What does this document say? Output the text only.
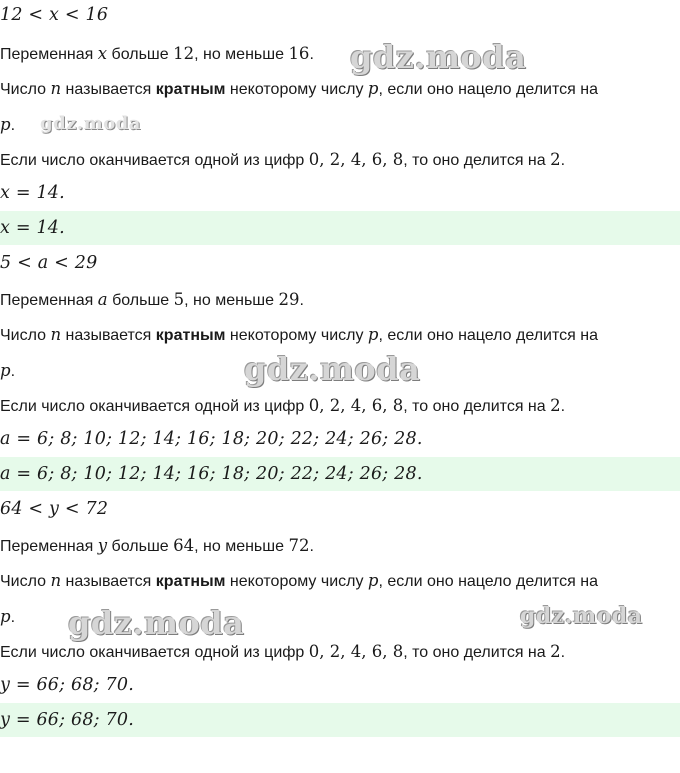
12 < x < 16
Переменная x больше 12, но меньше 16.
Число n называется кратным некоторому числу p, если оно нацело делится на
p.
Если число оканчивается одной из цифр 0, 2, 4, 6, 8, то оно делится на 2.
x = 14.
x = 14.
5 < a < 29
Переменная a больше 5, но меньше 29.
Число n называется кратным некоторому числу p, если оно нацело делится на
p.
Если число оканчивается одной из цифр 0, 2, 4, 6, 8, то оно делится на 2.
a = 6; 8; 10; 12; 14; 16; 18; 20; 22; 24; 26; 28.
a = 6; 8; 10; 12; 14; 16; 18; 20; 22; 24; 26; 28.
64 < y < 72
Переменная y больше 64, но меньше 72.
Число n называется кратным некоторому числу p, если оно нацело делится на
p.
Если число оканчивается одной из цифр 0, 2, 4, 6, 8, то оно делится на 2.
y = 66; 68; 70.
y = 66; 68; 70.
gdz.moda
gdz.moda
gdz.moda
gdz.moda	gdz.moda
